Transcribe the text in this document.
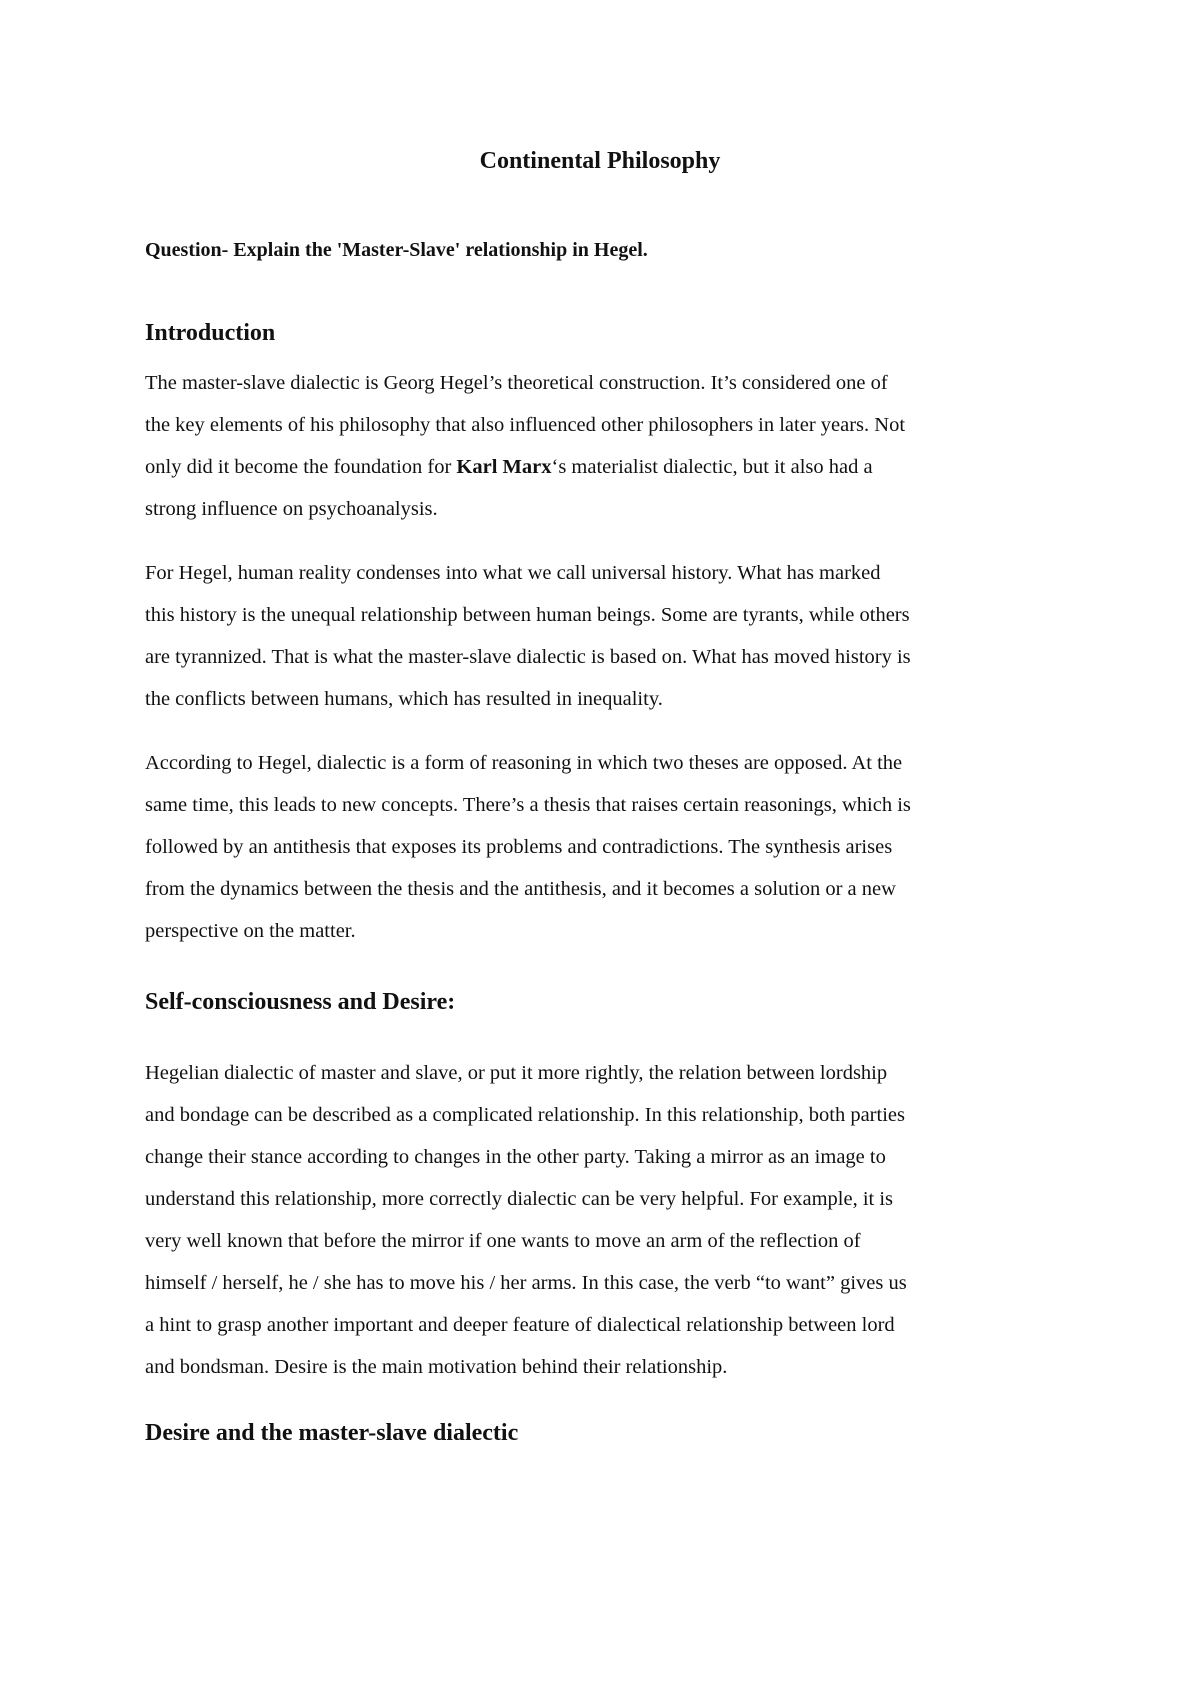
Continental Philosophy

Question- Explain the 'Master-Slave' relationship in Hegel.

Introduction
The master-slave dialectic is Georg Hegel’s theoretical construction. It’s considered one of
the key elements of his philosophy that also influenced other philosophers in later years. Not
only did it become the foundation for Karl Marx‘s materialist dialectic, but it also had a
strong influence on psychoanalysis.
For Hegel, human reality condenses into what we call universal history. What has marked
this history is the unequal relationship between human beings. Some are tyrants, while others
are tyrannized. That is what the master-slave dialectic is based on. What has moved history is
the conflicts between humans, which has resulted in inequality.
According to Hegel, dialectic is a form of reasoning in which two theses are opposed. At the
same time, this leads to new concepts. There’s a thesis that raises certain reasonings, which is
followed by an antithesis that exposes its problems and contradictions. The synthesis arises
from the dynamics between the thesis and the antithesis, and it becomes a solution or a new
perspective on the matter.
Self-consciousness and Desire:
Hegelian dialectic of master and slave, or put it more rightly, the relation between lordship
and bondage can be described as a complicated relationship. In this relationship, both parties
change their stance according to changes in the other party. Taking a mirror as an image to
understand this relationship, more correctly dialectic can be very helpful. For example, it is
very well known that before the mirror if one wants to move an arm of the reflection of
himself / herself, he / she has to move his / her arms. In this case, the verb “to want” gives us
a hint to grasp another important and deeper feature of dialectical relationship between lord
and bondsman. Desire is the main motivation behind their relationship.
Desire and the master-slave dialectic
